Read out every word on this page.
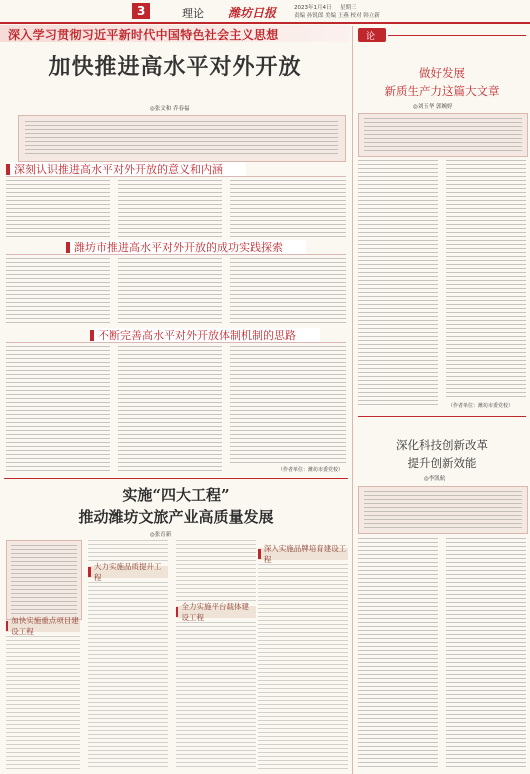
3	理论 潍坊日报	2023年1月4日 星期三
责编 孙锐郎 美编 王燕 校对 韩立新
深入学习贯彻习近平新时代中国特色社会主义思想
加快推进高水平对外开放
◎张文和 乔春福
深刻认识推进高水平对外开放的意义和内涵
潍坊市推进高水平对外开放的成功实践探索
不断完善高水平对外开放体制机制的思路
（作者单位：潍坊市委党校）
实施“四大工程”
推动潍坊文旅产业高质量发展
◎张育新
加快实施重点项目建设工程
大力实施品质提升工程
深入实施品牌培育建设工程
全力实施平台载体建设工程
论
做好发展
新质生产力这篇大文章
◎刘玉华 郭婉婷
（作者单位：潍坊市委党校）
深化科技创新改革
提升创新效能
◎李凯航
